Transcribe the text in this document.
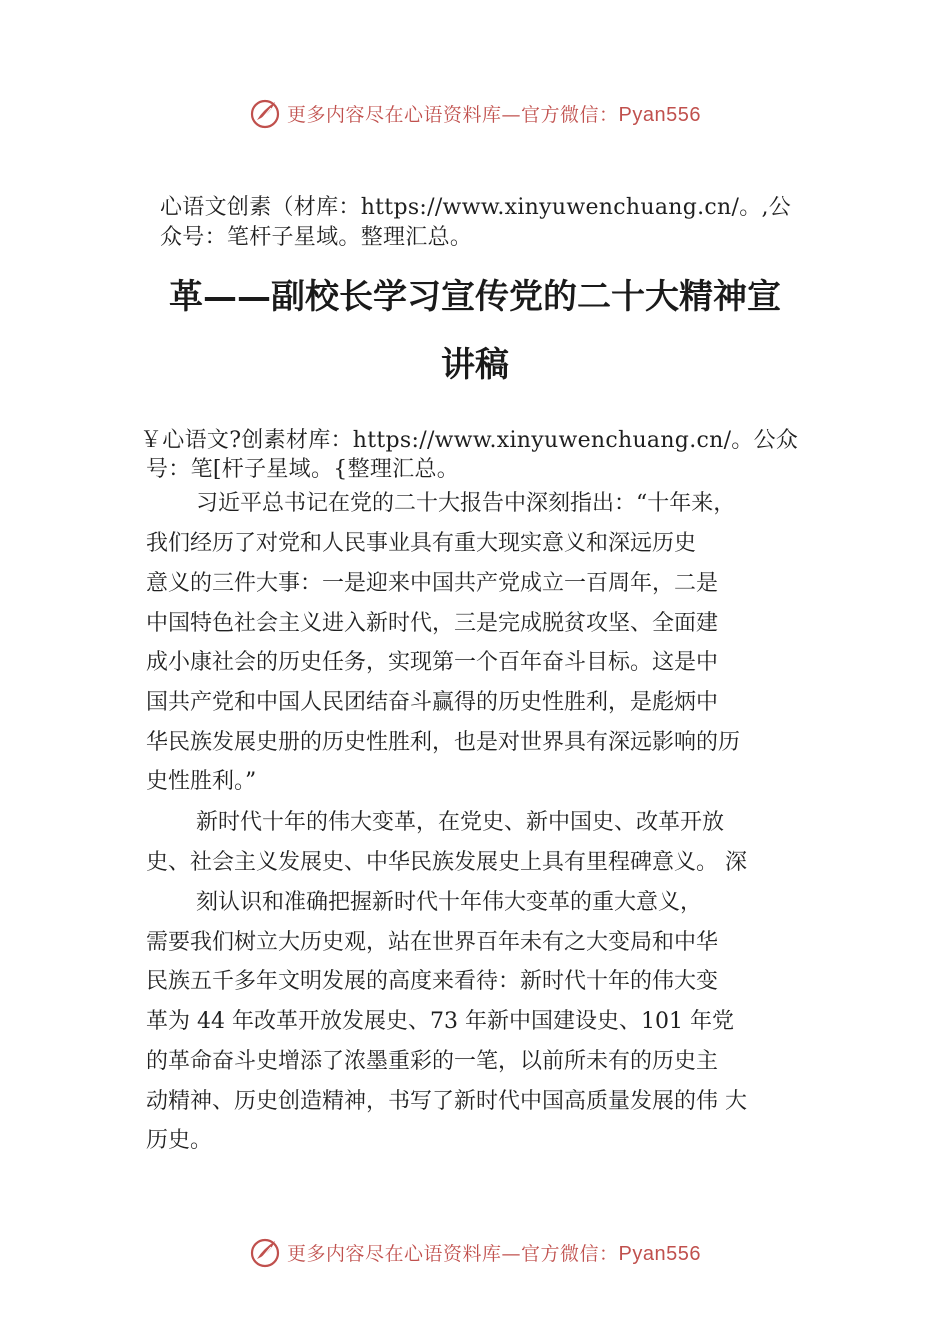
更多内容尽在心语资料库—官方微信：Pyan556
心语文创素（材库：https://www.xinyuwenchuang.cn/。,公
众号：笔杆子星域。整理汇总。
革——副校长学习宣传党的二十大精神宣
讲稿
￥心语文?创素材库：https://www.xinyuwenchuang.cn/。公众
号：笔[杆子星域。{整理汇总。
习近平总书记在党的二十大报告中深刻指出：“十年来，
我们经历了对党和人民事业具有重大现实意义和深远历史
意义的三件大事：一是迎来中国共产党成立一百周年，二是
中国特色社会主义进入新时代，三是完成脱贫攻坚、全面建
成小康社会的历史任务，实现第一个百年奋斗目标。这是中
国共产党和中国人民团结奋斗赢得的历史性胜利，是彪炳中
华民族发展史册的历史性胜利，也是对世界具有深远影响的历
史性胜利。”
新时代十年的伟大变革，在党史、新中国史、改革开放
史、社会主义发展史、中华民族发展史上具有里程碑意义。 深
刻认识和准确把握新时代十年伟大变革的重大意义，
需要我们树立大历史观，站在世界百年未有之大变局和中华
民族五千多年文明发展的高度来看待：新时代十年的伟大变
革为 44 年改革开放发展史、73 年新中国建设史、101 年党
的革命奋斗史增添了浓墨重彩的一笔，以前所未有的历史主
动精神、历史创造精神，书写了新时代中国高质量发展的伟 大
历史。
更多内容尽在心语资料库—官方微信：Pyan556
